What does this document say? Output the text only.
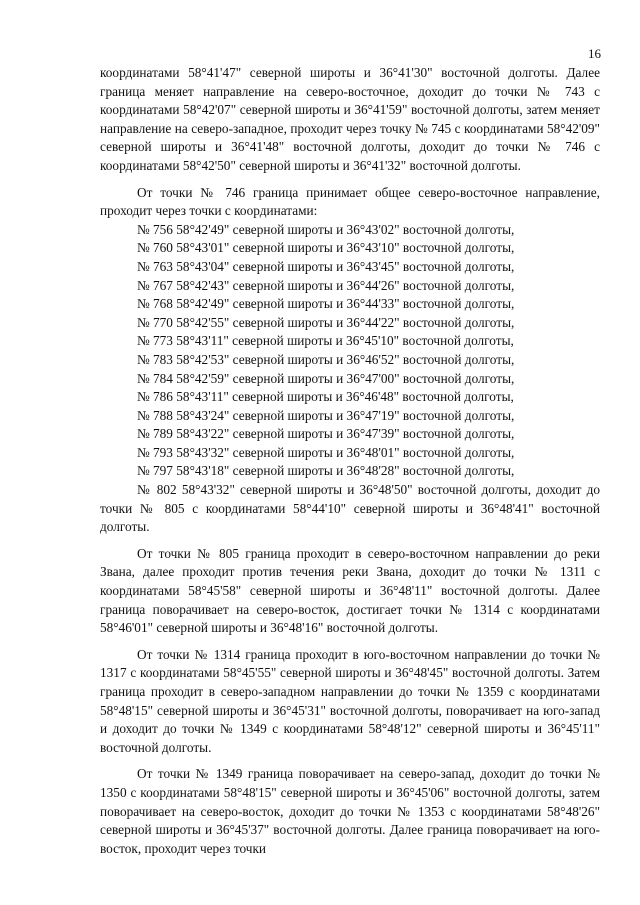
16

координатами 58°41'47" северной широты и 36°41'30" восточной долготы. Далее граница меняет направление на северо-восточное, доходит до точки № 743 с координатами 58°42'07" северной широты и 36°41'59" восточной долготы, затем меняет направление на северо-западное, проходит через точку № 745 с координатами 58°42'09" северной широты и 36°41'48" восточной долготы, доходит до точки № 746 с координатами 58°42'50" северной широты и 36°41'32" восточной долготы.

От точки № 746 граница принимает общее северо-восточное направление, проходит через точки с координатами:

№ 756 58°42'49" северной широты и 36°43'02" восточной долготы,
№ 760 58°43'01" северной широты и 36°43'10" восточной долготы,
№ 763 58°43'04" северной широты и 36°43'45" восточной долготы,
№ 767 58°42'43" северной широты и 36°44'26" восточной долготы,
№ 768 58°42'49" северной широты и 36°44'33" восточной долготы,
№ 770 58°42'55" северной широты и 36°44'22" восточной долготы,
№ 773 58°43'11" северной широты и 36°45'10" восточной долготы,
№ 783 58°42'53" северной широты и 36°46'52" восточной долготы,
№ 784 58°42'59" северной широты и 36°47'00" восточной долготы,
№ 786 58°43'11" северной широты и 36°46'48" восточной долготы,
№ 788 58°43'24" северной широты и 36°47'19" восточной долготы,
№ 789 58°43'22" северной широты и 36°47'39" восточной долготы,
№ 793 58°43'32" северной широты и 36°48'01" восточной долготы,
№ 797 58°43'18" северной широты и 36°48'28" восточной долготы,

№ 802 58°43'32" северной широты и 36°48'50" восточной долготы, доходит до точки № 805 с координатами 58°44'10" северной широты и 36°48'41" восточной долготы.

От точки № 805 граница проходит в северо-восточном направлении до реки Звана, далее проходит против течения реки Звана, доходит до точки № 1311 с координатами 58°45'58" северной широты и 36°48'11" восточной долготы. Далее граница поворачивает на северо-восток, достигает точки № 1314 с координатами 58°46'01" северной широты и 36°48'16" восточной долготы.

От точки № 1314 граница проходит в юго-восточном направлении до точки № 1317 с координатами 58°45'55" северной широты и 36°48'45" восточной долготы. Затем граница проходит в северо-западном направлении до точки № 1359 с координатами 58°48'15" северной широты и 36°45'31" восточной долготы, поворачивает на юго-запад и доходит до точки № 1349 с координатами 58°48'12" северной широты и 36°45'11" восточной долготы.

От точки № 1349 граница поворачивает на северо-запад, доходит до точки № 1350 с координатами 58°48'15" северной широты и 36°45'06" восточной долготы, затем поворачивает на северо-восток, доходит до точки № 1353 с координатами 58°48'26" северной широты и 36°45'37" восточной долготы. Далее граница поворачивает на юго-восток, проходит через точки
